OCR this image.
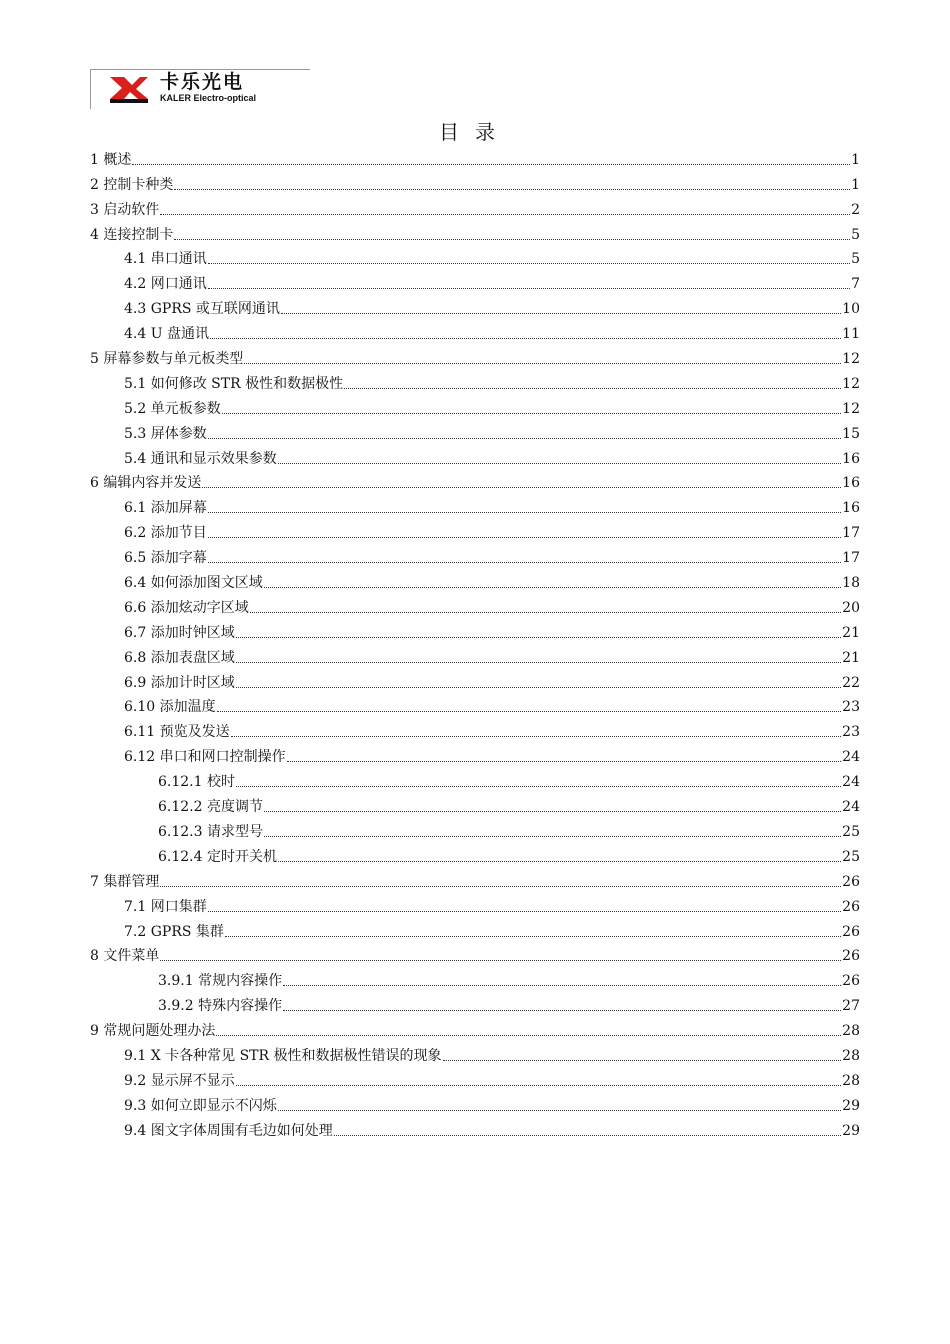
卡乐光电
KALER Electro-optical
目录
1 概述	1
2 控制卡种类	1
3 启动软件	2
4 连接控制卡	5
4.1 串口通讯	5
4.2 网口通讯	7
4.3 GPRS 或互联网通讯	10
4.4 U 盘通讯	11
5 屏幕参数与单元板类型	12
5.1 如何修改 STR 极性和数据极性	12
5.2 单元板参数	12
5.3 屏体参数	15
5.4 通讯和显示效果参数	16
6 编辑内容并发送	16
6.1 添加屏幕	16
6.2 添加节目	17
6.5 添加字幕	17
6.4 如何添加图文区域	18
6.6 添加炫动字区域	20
6.7 添加时钟区域	21
6.8 添加表盘区域	21
6.9 添加计时区域	22
6.10 添加温度	23
6.11 预览及发送	23
6.12 串口和网口控制操作	24
6.12.1 校时	24
6.12.2 亮度调节	24
6.12.3 请求型号	25
6.12.4 定时开关机	25
7 集群管理	26
7.1 网口集群	26
7.2 GPRS 集群	26
8 文件菜单	26
3.9.1 常规内容操作	26
3.9.2 特殊内容操作	27
9 常规问题处理办法	28
9.1 X 卡各种常见 STR 极性和数据极性错误的现象	28
9.2 显示屏不显示	28
9.3 如何立即显示不闪烁	29
9.4 图文字体周围有毛边如何处理	29
